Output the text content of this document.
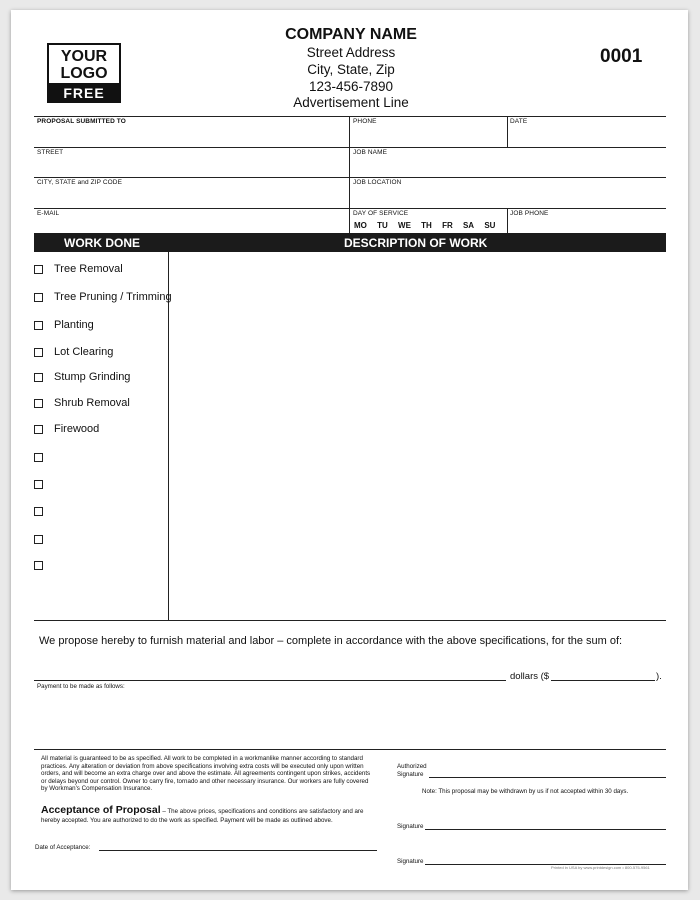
YOUR
LOGO
FREE
COMPANY NAME
Street Address
City, State, Zip
123-456-7890
Advertisement Line
0001
PROPOSAL SUBMITTED TO	PHONE	DATE
STREET	JOB NAME
CITY, STATE and ZIP CODE	JOB LOCATION
E-MAIL	DAY OF SERVICE	JOB PHONE
MO TU WE TH FR SA SU
WORK DONE	DESCRIPTION OF WORK
Tree Removal
Tree Pruning / Trimming
Planting
Lot Clearing
Stump Grinding
Shrub Removal
Firewood
We propose hereby to furnish material and labor – complete in accordance with the above specifications, for the sum of:
dollars ($	).
Payment to be made as follows:
All material is guaranteed to be as specified. All work to be completed in a workmanlike manner according to standard practices. Any alteration or deviation from above specifications involving extra costs will be executed only upon written orders, and will become an extra charge over and above the estimate. All agreements contingent upon strikes, accidents or delays beyond our control. Owner to carry fire, tornado and other necessary insurance. Our workers are fully covered by Workman's Compensation Insurance.
Authorized
Signature
Note: This proposal may be withdrawn by us if not accepted within 30 days.
Acceptance of Proposal – The above prices, specifications and conditions are satisfactory and are hereby accepted. You are authorized to do the work as specified. Payment will be made as outlined above.
Signature
Date of Acceptance:
Signature
Printed in USA by www.printdesign.com • 800-575-9561
